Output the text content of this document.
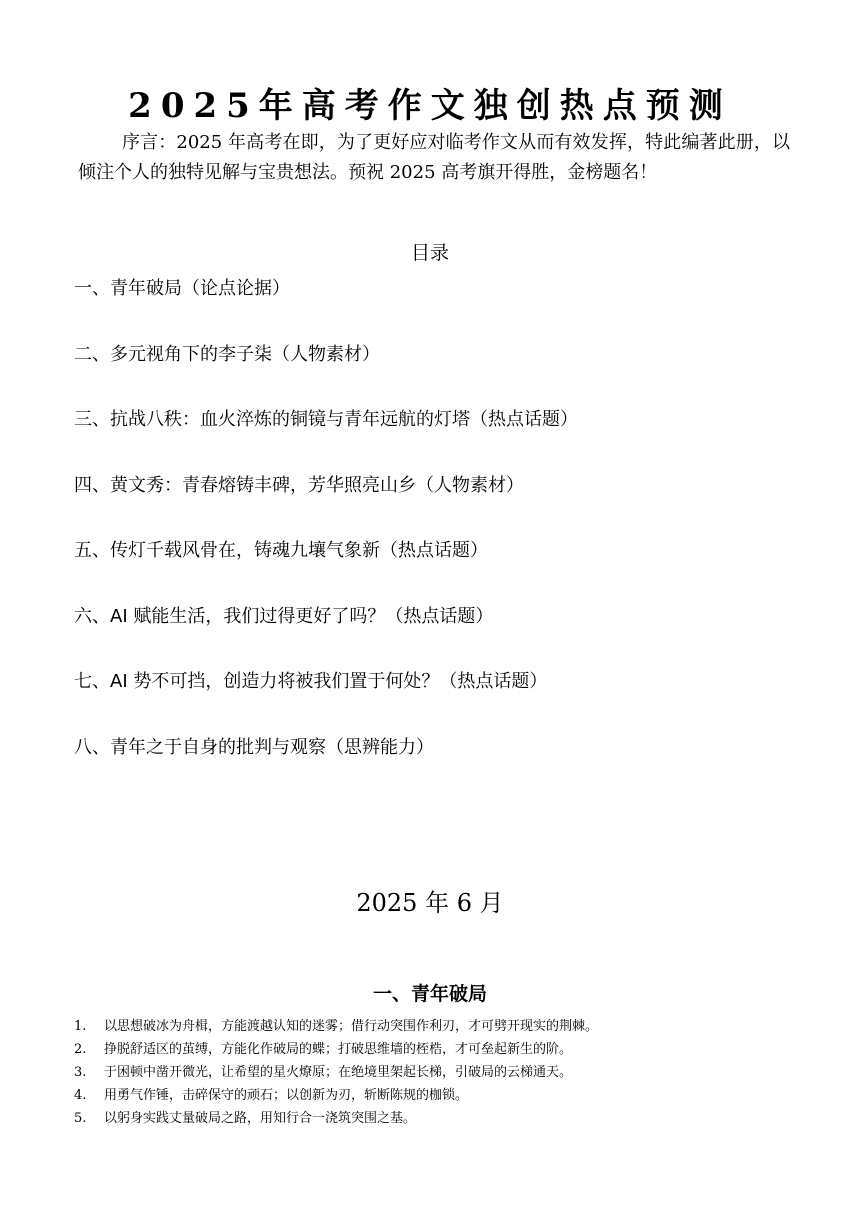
2025年高考作文独创热点预测

序言：2025 年高考在即，为了更好应对临考作文从而有效发挥，特此编著此册，以倾注个人的独特见解与宝贵想法。预祝 2025 高考旗开得胜，金榜题名！

目录
一、青年破局（论点论据）
二、多元视角下的李子柒（人物素材）
三、抗战八秩：血火淬炼的铜镜与青年远航的灯塔（热点话题）
四、黄文秀：青春熔铸丰碑，芳华照亮山乡（人物素材）
五、传灯千载风骨在，铸魂九壤气象新（热点话题）
六、AI 赋能生活，我们过得更好了吗？（热点话题）
七、AI 势不可挡，创造力将被我们置于何处？（热点话题）
八、青年之于自身的批判与观察（思辨能力）

2025 年 6 月

一、青年破局
1. 以思想破冰为舟楫，方能渡越认知的迷雾；借行动突围作利刃，才可劈开现实的荆棘。
2. 挣脱舒适区的茧缚，方能化作破局的蝶；打破思维墙的桎梏，才可垒起新生的阶。
3. 于困顿中凿开微光，让希望的星火燎原；在绝境里架起长梯，引破局的云梯通天。
4. 用勇气作锤，击碎保守的顽石；以创新为刃，斩断陈规的枷锁。
5. 以躬身实践丈量破局之路，用知行合一浇筑突围之基。
